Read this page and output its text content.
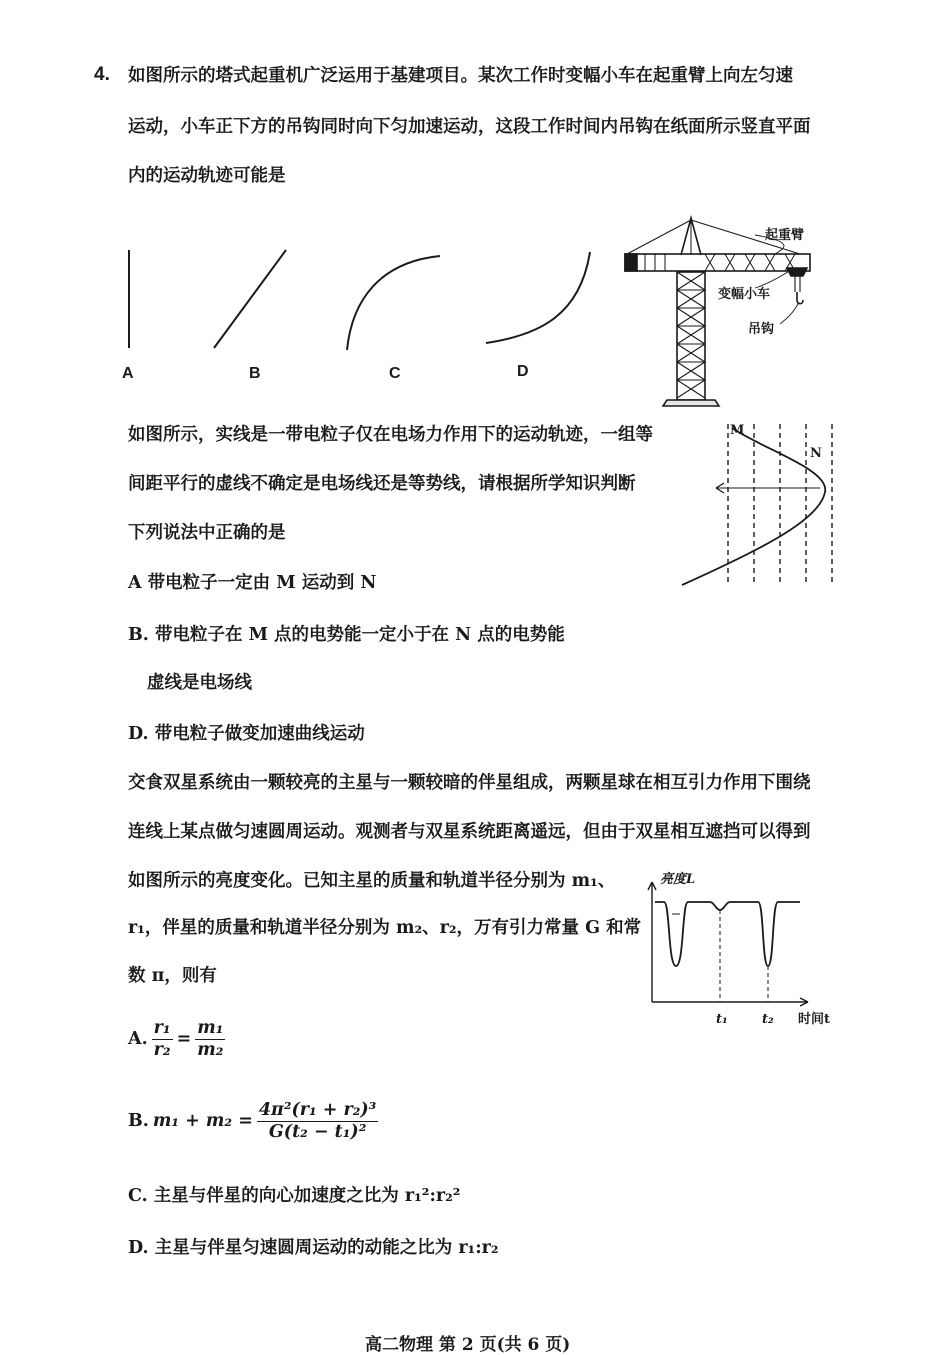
4. 如图所示的塔式起重机广泛运用于基建项目。某次工作时变幅小车在起重臂上向左匀速
运动，小车正下方的吊钩同时向下匀加速运动，这段工作时间内吊钩在纸面所示竖直平面
内的运动轨迹可能是
A	B	C	D
起重臂
变幅小车
吊钩
如图所示，实线是一带电粒子仅在电场力作用下的运动轨迹，一组等
间距平行的虚线不确定是电场线还是等势线，请根据所学知识判断
下列说法中正确的是
A 带电粒子一定由 M 运动到 N
B. 带电粒子在 M 点的电势能一定小于在 N 点的电势能
虚线是电场线
D. 带电粒子做变加速曲线运动
M
N
交食双星系统由一颗较亮的主星与一颗较暗的伴星组成，两颗星球在相互引力作用下围绕
连线上某点做匀速圆周运动。观测者与双星系统距离遥远，但由于双星相互遮挡可以得到
如图所示的亮度变化。已知主星的质量和轨道半径分别为 m₁、
r₁，伴星的质量和轨道半径分别为 m₂、r₂，万有引力常量 G 和常
数 π，则有
A. $\frac{\text{r₁}}{\text{r₂}} = \frac{\text{m₁}}{\text{m₂}}$
B. $m_1 + m_2 = \frac{\text{4π²(r₁ + r₂)³}}{\text{G(t₂ − t₁)²}}$
C. 主星与伴星的向心加速度之比为 r₁²:r₂²
D. 主星与伴星匀速圆周运动的动能之比为 r₁:r₂
亮度L
t₁	t₂ 时间t
高二物理 第 2 页(共 6 页)
